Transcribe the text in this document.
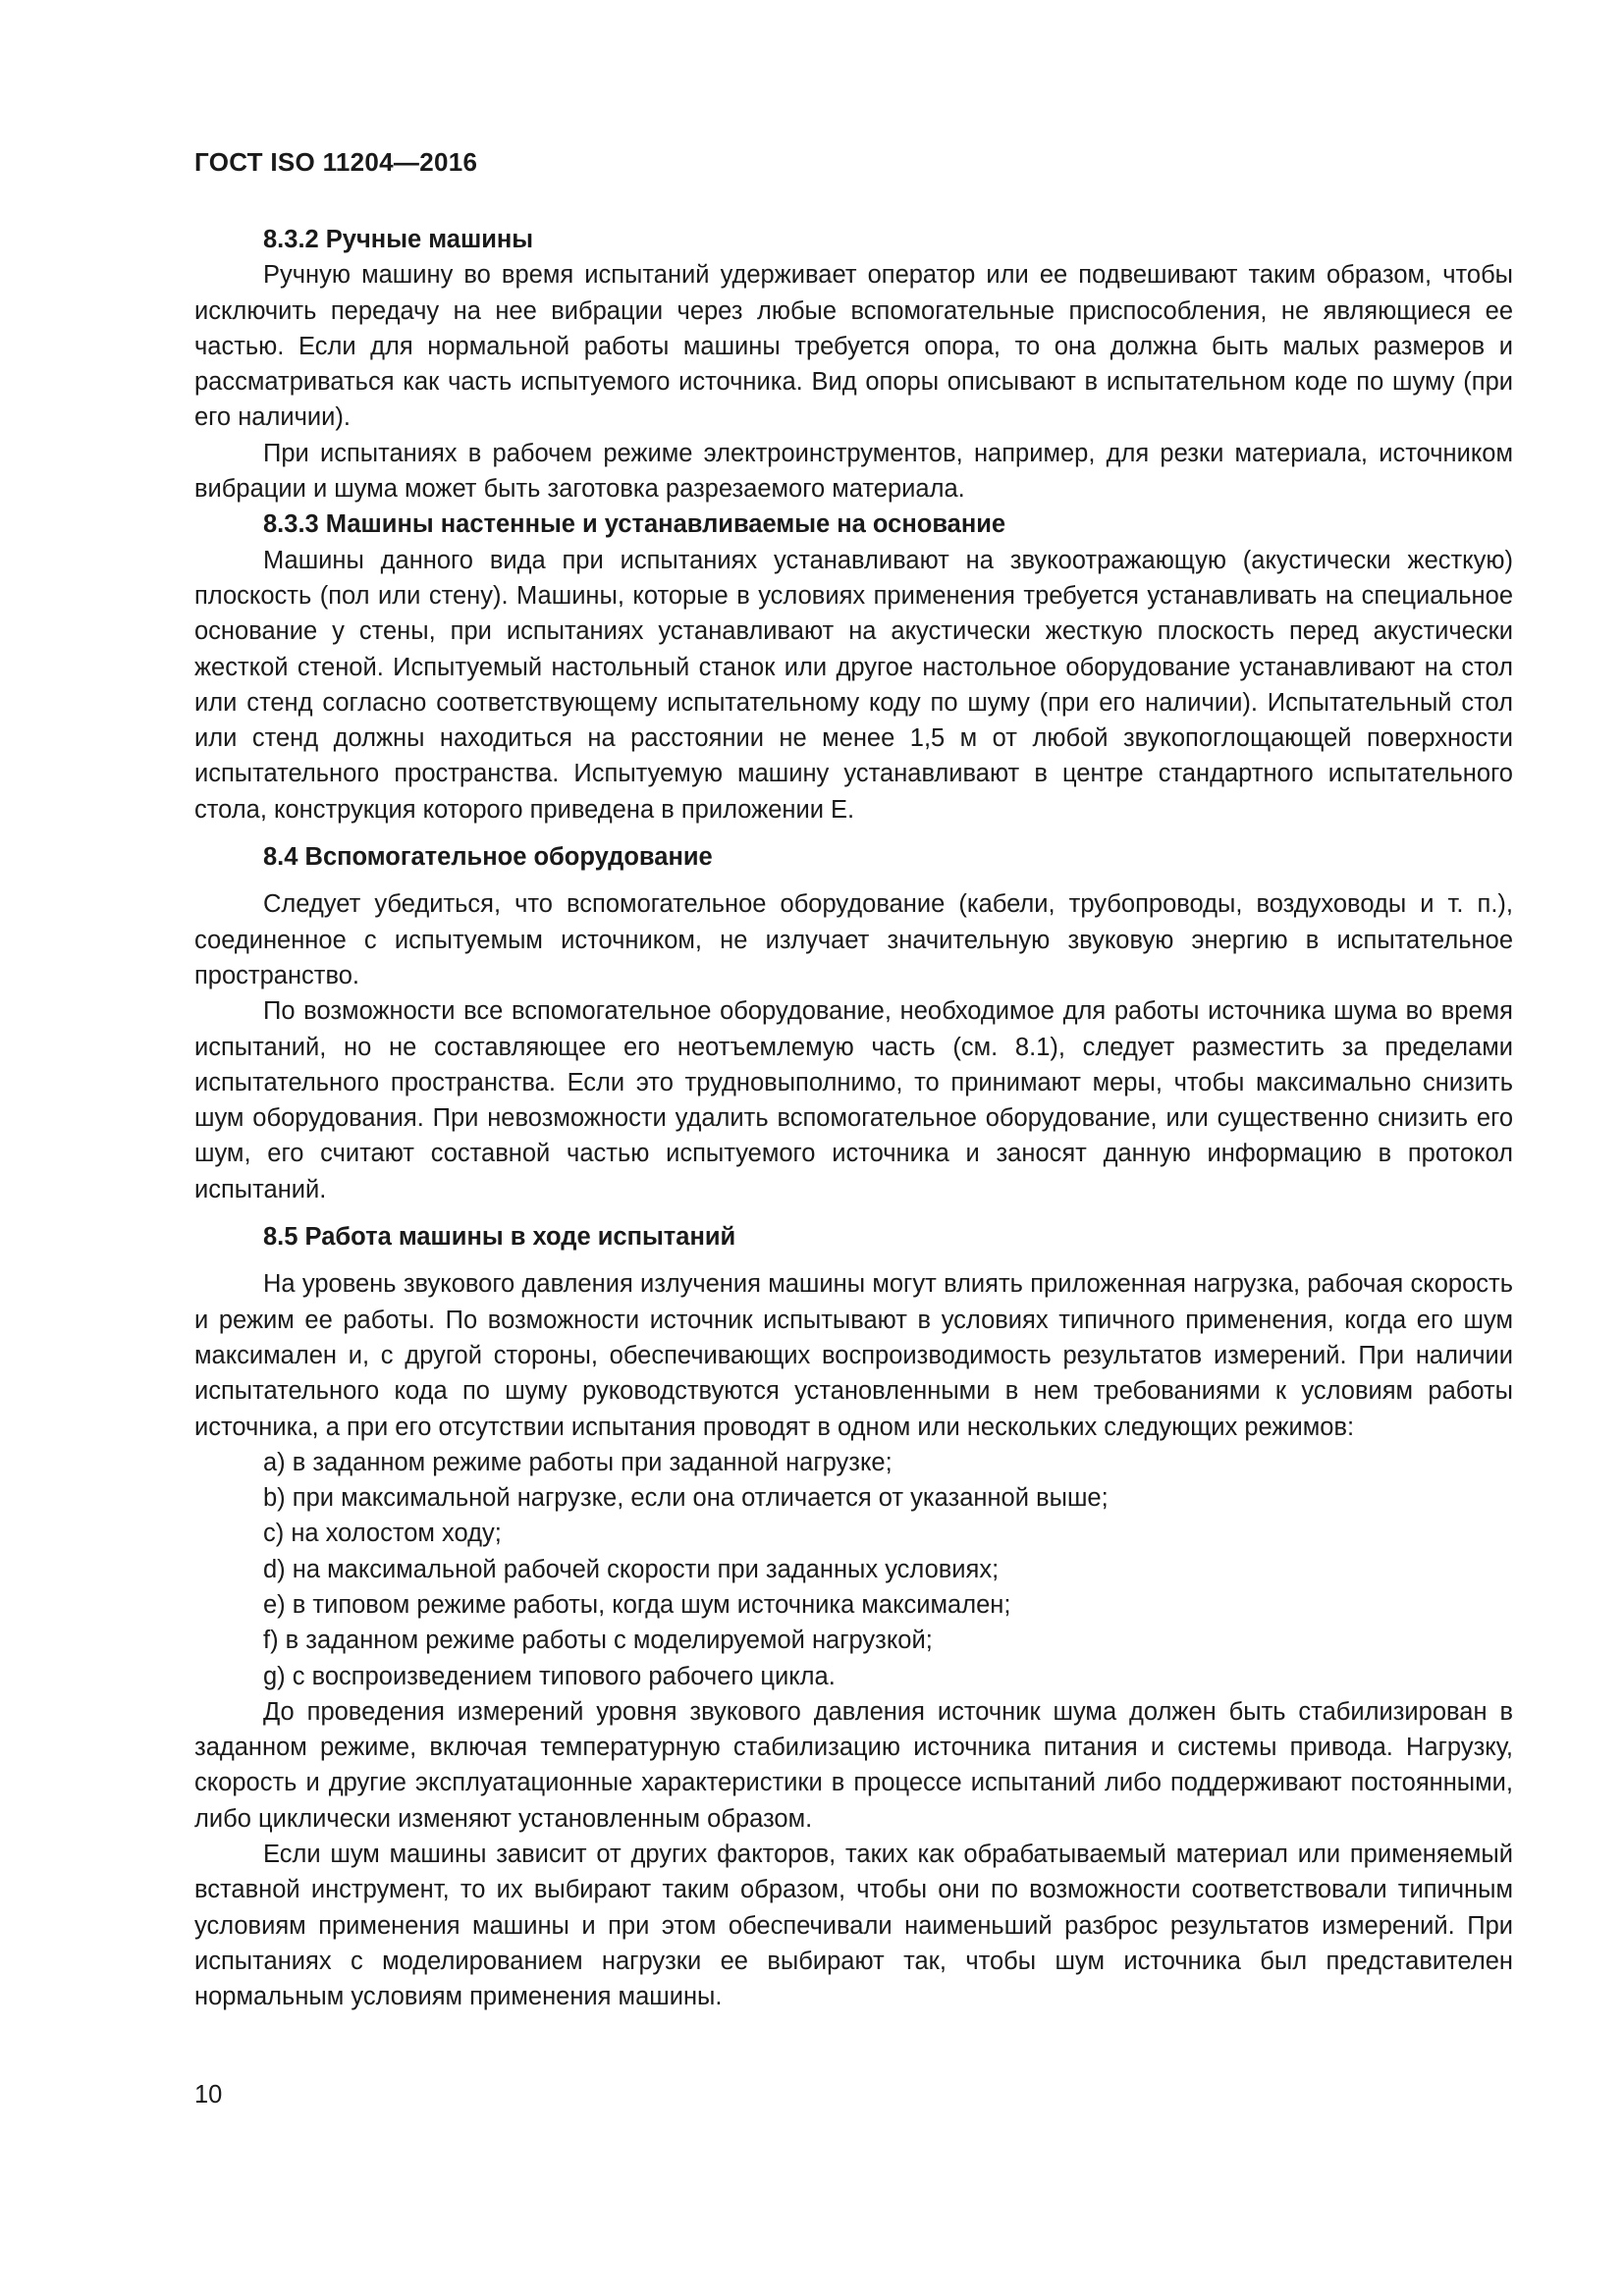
ГОСТ ISO 11204—2016
8.3.2 Ручные машины

Ручную машину во время испытаний удерживает оператор или ее подвешивают таким образом, чтобы исключить передачу на нее вибрации через любые вспомогательные приспособления, не являющиеся ее частью. Если для нормальной работы машины требуется опора, то она должна быть малых размеров и рассматриваться как часть испытуемого источника. Вид опоры описывают в испытательном коде по шуму (при его наличии).

При испытаниях в рабочем режиме электроинструментов, например, для резки материала, источником вибрации и шума может быть заготовка разрезаемого материала.

8.3.3 Машины настенные и устанавливаемые на основание

Машины данного вида при испытаниях устанавливают на звукоотражающую (акустически жесткую) плоскость (пол или стену). Машины, которые в условиях применения требуется устанавливать на специальное основание у стены, при испытаниях устанавливают на акустически жесткую плоскость перед акустически жесткой стеной. Испытуемый настольный станок или другое настольное оборудование устанавливают на стол или стенд согласно соответствующему испытательному коду по шуму (при его наличии). Испытательный стол или стенд должны находиться на расстоянии не менее 1,5 м от любой звукопоглощающей поверхности испытательного пространства. Испытуемую машину устанавливают в центре стандартного испытательного стола, конструкция которого приведена в приложении Е.

8.4 Вспомогательное оборудование

Следует убедиться, что вспомогательное оборудование (кабели, трубопроводы, воздуховоды и т. п.), соединенное с испытуемым источником, не излучает значительную звуковую энергию в испытательное пространство.

По возможности все вспомогательное оборудование, необходимое для работы источника шума во время испытаний, но не составляющее его неотъемлемую часть (см. 8.1), следует разместить за пределами испытательного пространства. Если это трудновыполнимо, то принимают меры, чтобы максимально снизить шум оборудования. При невозможности удалить вспомогательное оборудование, или существенно снизить его шум, его считают составной частью испытуемого источника и заносят данную информацию в протокол испытаний.

8.5 Работа машины в ходе испытаний

На уровень звукового давления излучения машины могут влиять приложенная нагрузка, рабочая скорость и режим ее работы. По возможности источник испытывают в условиях типичного применения, когда его шум максимален и, с другой стороны, обеспечивающих воспроизводимость результатов измерений. При наличии испытательного кода по шуму руководствуются установленными в нем требованиями к условиям работы источника, а при его отсутствии испытания проводят в одном или нескольких следующих режимов:

a) в заданном режиме работы при заданной нагрузке;

b) при максимальной нагрузке, если она отличается от указанной выше;

c) на холостом ходу;

d) на максимальной рабочей скорости при заданных условиях;

e) в типовом режиме работы, когда шум источника максимален;

f) в заданном режиме работы с моделируемой нагрузкой;

g) с воспроизведением типового рабочего цикла.

До проведения измерений уровня звукового давления источник шума должен быть стабилизирован в заданном режиме, включая температурную стабилизацию источника питания и системы привода. Нагрузку, скорость и другие эксплуатационные характеристики в процессе испытаний либо поддерживают постоянными, либо циклически изменяют установленным образом.

Если шум машины зависит от других факторов, таких как обрабатываемый материал или применяемый вставной инструмент, то их выбирают таким образом, чтобы они по возможности соответствовали типичным условиям применения машины и при этом обеспечивали наименьший разброс результатов измерений. При испытаниях с моделированием нагрузки ее выбирают так, чтобы шум источника был представителен нормальным условиям применения машины.

10
